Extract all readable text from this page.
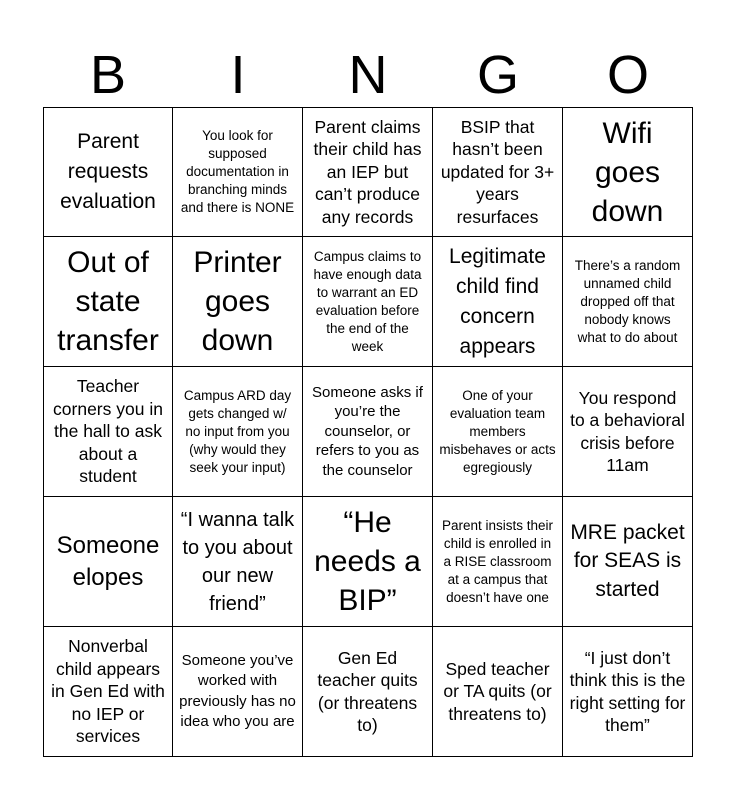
B	I	N	G	O
Parent requests evaluation
You look for supposed documentation in branching minds and there is NONE
Parent claims their child has an IEP but can’t produce any records
BSIP that hasn’t been updated for 3+ years resurfaces
Wifi goes down
Out of state transfer
Printer goes down
Campus claims to have enough data to warrant an ED evaluation before the end of the week
Legitimate child find concern appears
There’s a random unnamed child dropped off that nobody knows what to do about
Teacher corners you in the hall to ask about a student
Campus ARD day gets changed w/ no input from you (why would they seek your input)
Someone asks if you’re the counselor, or refers to you as the counselor
One of your evaluation team members misbehaves or acts egregiously
You respond to a behavioral crisis before 11am
Someone elopes
“I wanna talk to you about our new friend”
“He needs a BIP”
Parent insists their child is enrolled in a RISE classroom at a campus that doesn’t have one
MRE packet for SEAS is started
Nonverbal child appears in Gen Ed with no IEP or services
Someone you’ve worked with previously has no idea who you are
Gen Ed teacher quits (or threatens to)
Sped teacher or TA quits (or threatens to)
“I just don’t think this is the right setting for them”
